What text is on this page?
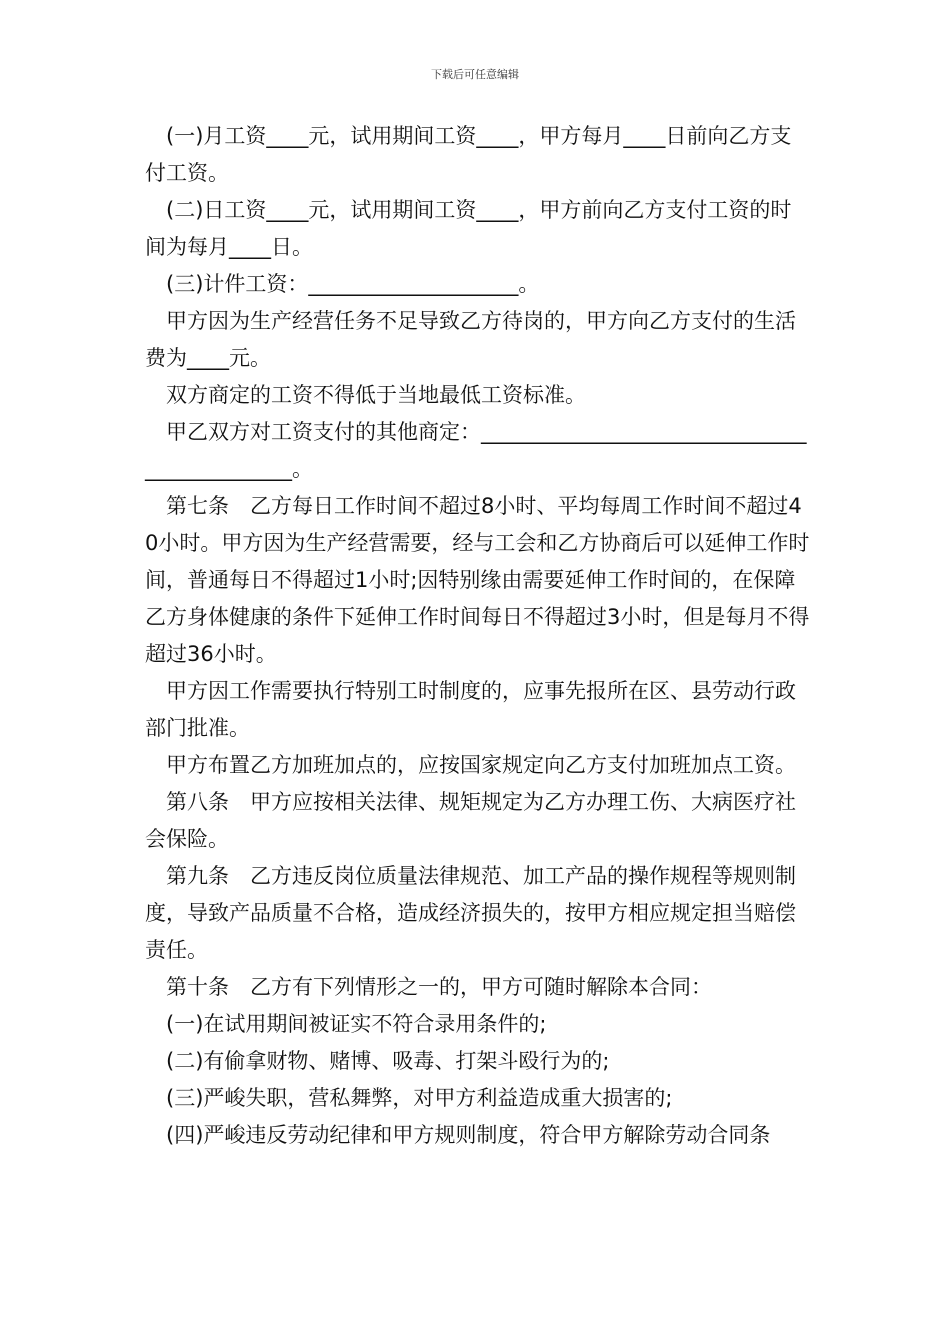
下载后可任意编辑

(一)月工资____元，试用期间工资____，甲方每月____日前向乙方支付工资。

(二)日工资____元，试用期间工资____，甲方前向乙方支付工资的时间为每月____日。

(三)计件工资：____________________。

甲方因为生产经营任务不足导致乙方待岗的，甲方向乙方支付的生活费为____元。

双方商定的工资不得低于当地最低工资标准。

甲乙双方对工资支付的其他商定：_____________________________________________。

第七条　乙方每日工作时间不超过8小时、平均每周工作时间不超过40小时。甲方因为生产经营需要，经与工会和乙方协商后可以延伸工作时间，普通每日不得超过1小时;因特别缘由需要延伸工作时间的，在保障乙方身体健康的条件下延伸工作时间每日不得超过3小时，但是每月不得超过36小时。

甲方因工作需要执行特别工时制度的，应事先报所在区、县劳动行政部门批准。

甲方布置乙方加班加点的，应按国家规定向乙方支付加班加点工资。

第八条　甲方应按相关法律、规矩规定为乙方办理工伤、大病医疗社会保险。

第九条　乙方违反岗位质量法律规范、加工产品的操作规程等规则制度，导致产品质量不合格，造成经济损失的，按甲方相应规定担当赔偿责任。

第十条　乙方有下列情形之一的，甲方可随时解除本合同：

(一)在试用期间被证实不符合录用条件的;

(二)有偷拿财物、赌博、吸毒、打架斗殴行为的;

(三)严峻失职，营私舞弊，对甲方利益造成重大损害的;

(四)严峻违反劳动纪律和甲方规则制度，符合甲方解除劳动合同条
